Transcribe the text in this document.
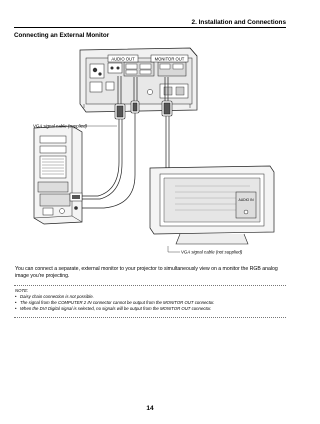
2. Installation and Connections
Connecting an External Monitor
AUDIO OUT	MONITOR OUT
AUDIO IN
VGA signal cable (supplied)
VGA signal cable (not supplied)
You can connect a separate, external monitor to your projector to simultaneously view on a monitor the RGB analog image you're projecting.
NOTE:
• Daisy chain connection is not possible.
• The signal from the COMPUTER 2 IN connector cannot be output from the MONITOR OUT connector.
• When the DVI Digital signal is selected, no signals will be output from the MONITOR OUT connector.
14
